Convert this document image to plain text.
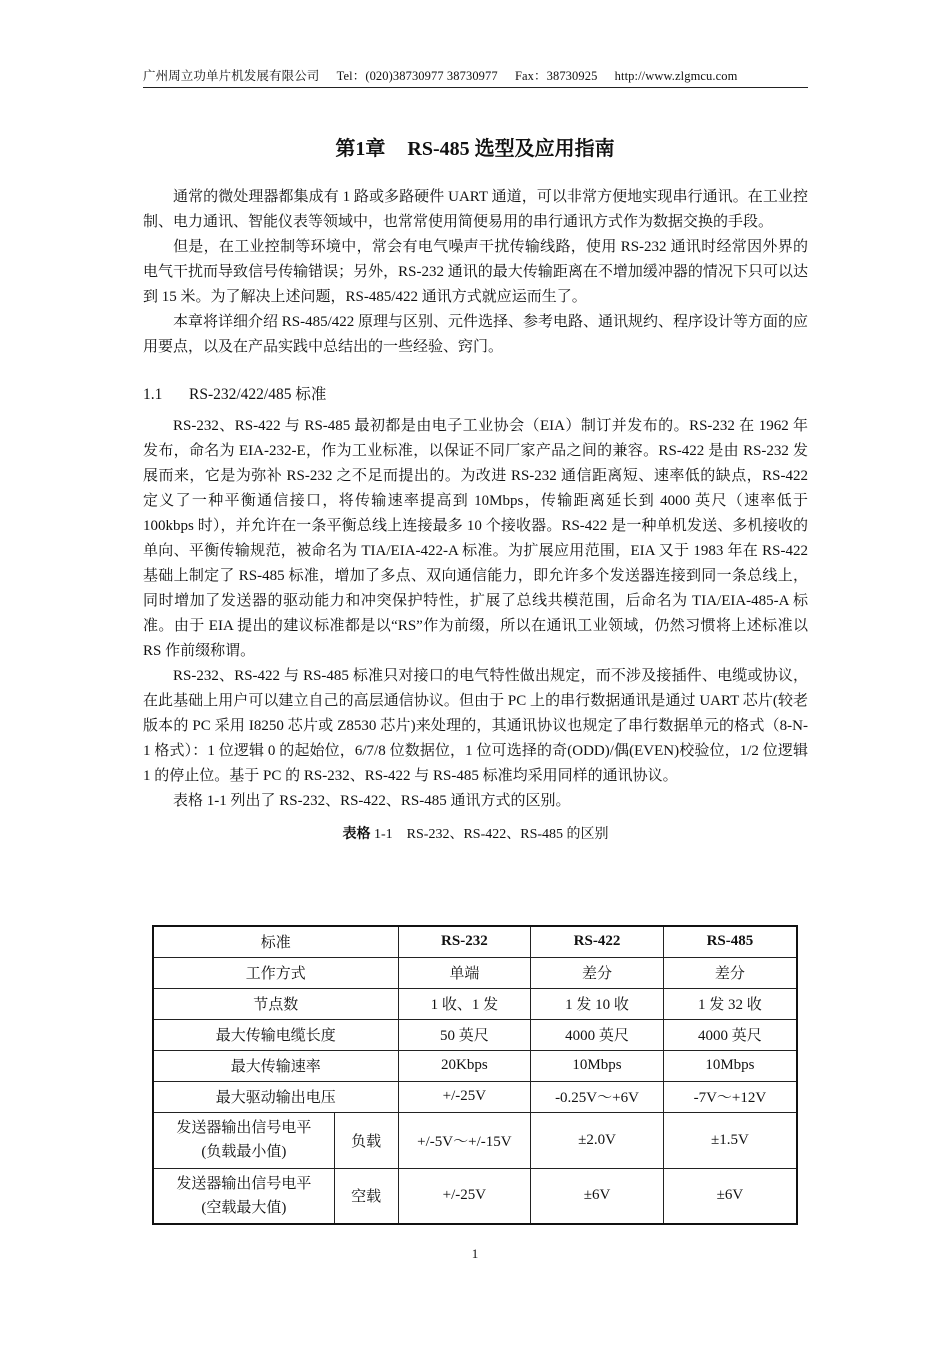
广州周立功单片机发展有限公司 Tel：(020)38730977 38730977 Fax：38730925 http://www.zlgmcu.com
第1章 RS-485 选型及应用指南

通常的微处理器都集成有 1 路或多路硬件 UART 通道，可以非常方便地实现串行通讯。在工业控制、电力通讯、智能仪表等领域中，也常常使用简便易用的串行通讯方式作为数据交换的手段。

但是，在工业控制等环境中，常会有电气噪声干扰传输线路，使用 RS-232 通讯时经常因外界的电气干扰而导致信号传输错误；另外，RS-232 通讯的最大传输距离在不增加缓冲器的情况下只可以达到 15 米。为了解决上述问题，RS-485/422 通讯方式就应运而生了。

本章将详细介绍 RS-485/422 原理与区别、元件选择、参考电路、通讯规约、程序设计等方面的应用要点，以及在产品实践中总结出的一些经验、窍门。

1.1 RS-232/422/485 标准

RS-232、RS-422 与 RS-485 最初都是由电子工业协会（EIA）制订并发布的。RS-232 在 1962 年发布，命名为 EIA-232-E，作为工业标准，以保证不同厂家产品之间的兼容。RS-422 是由 RS-232 发展而来，它是为弥补 RS-232 之不足而提出的。为改进 RS-232 通信距离短、速率低的缺点，RS-422 定义了一种平衡通信接口，将传输速率提高到 10Mbps，传输距离延长到 4000 英尺（速率低于 100kbps 时），并允许在一条平衡总线上连接最多 10 个接收器。RS-422 是一种单机发送、多机接收的单向、平衡传输规范，被命名为 TIA/EIA-422-A 标准。为扩展应用范围，EIA 又于 1983 年在 RS-422 基础上制定了 RS-485 标准，增加了多点、双向通信能力，即允许多个发送器连接到同一条总线上，同时增加了发送器的驱动能力和冲突保护特性，扩展了总线共模范围，后命名为 TIA/EIA-485-A 标准。由于 EIA 提出的建议标准都是以“RS”作为前缀，所以在通讯工业领域，仍然习惯将上述标准以 RS 作前缀称谓。

RS-232、RS-422 与 RS-485 标准只对接口的电气特性做出规定，而不涉及接插件、电缆或协议，在此基础上用户可以建立自己的高层通信协议。但由于 PC 上的串行数据通讯是通过 UART 芯片(较老版本的 PC 采用 I8250 芯片或 Z8530 芯片)来处理的，其通讯协议也规定了串行数据单元的格式（8-N-1 格式）：1 位逻辑 0 的起始位，6/7/8 位数据位，1 位可选择的奇(ODD)/偶(EVEN)校验位，1/2 位逻辑 1 的停止位。基于 PC 的 RS-232、RS-422 与 RS-485 标准均采用同样的通讯协议。

表格 1-1 列出了 RS-232、RS-422、RS-485 通讯方式的区别。

表格 1-1 RS-232、RS-422、RS-485 的区别
标准		RS-232	RS-422	RS-485
工作方式		单端	差分	差分
节点数		1 收、1 发	1 发 10 收	1 发 32 收
最大传输电缆长度		50 英尺	4000 英尺	4000 英尺
最大传输速率		20Kbps	10Mbps	10Mbps
最大驱动输出电压		+/-25V	-0.25V～+6V	-7V～+12V

发送器输出信号电平
(负载最小值)	负载	+/-5V～+/-15V	±2.0V	±1.5V

发送器输出信号电平
(空载最大值)	空载	+/-25V	±6V	±6V
1
